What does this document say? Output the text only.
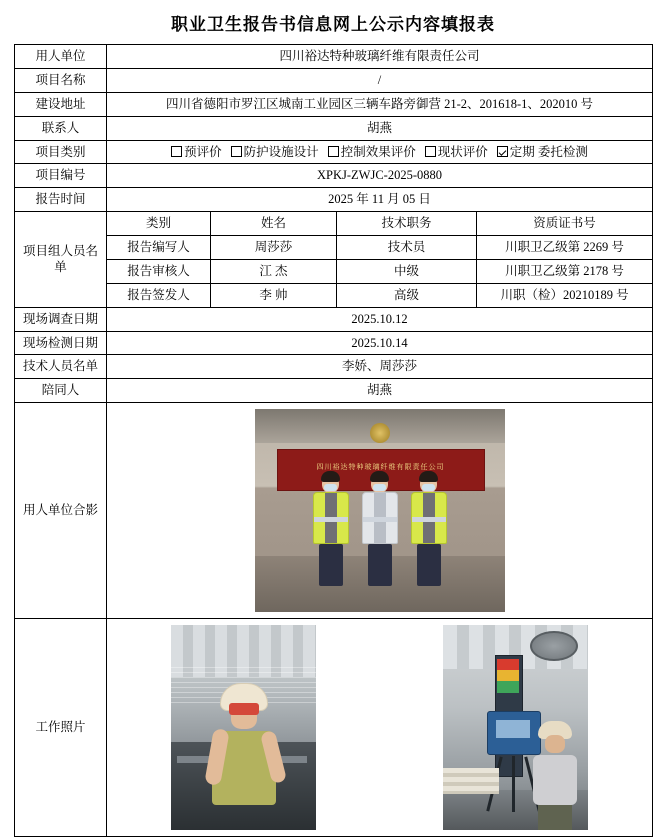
职业卫生报告书信息网上公示内容填报表
用人单位	四川裕达特种玻璃纤维有限责任公司			
项目名称	/			
建设地址	四川省德阳市罗江区城南工业园区三辆车路旁御营 21-2、201618-1、202010 号			
联系人	胡燕			
项目类别	预评价 防护设施设计 控制效果评价 现状评价 定期 委托检测			

项目编号	XPKJ-ZWJC-2025-0880			
报告时间	2025 年 11 月 05 日			
项目组人员名单	类别	姓名	技术职务	资质证书号
	报告编写人	周莎莎	技术员	川职卫乙级第 2269 号
	报告审核人	江 杰	中级	川职卫乙级第 2178 号
	报告签发人	李 帅	高级	川职（检）20210189 号
现场调查日期	2025.10.12			
现场检测日期	2025.10.14			
技术人员名单	李娇、周莎莎			
陪同人	胡燕			
用人单位合影	四川裕达特种玻璃纤维有限责任公司			

工作照片				
